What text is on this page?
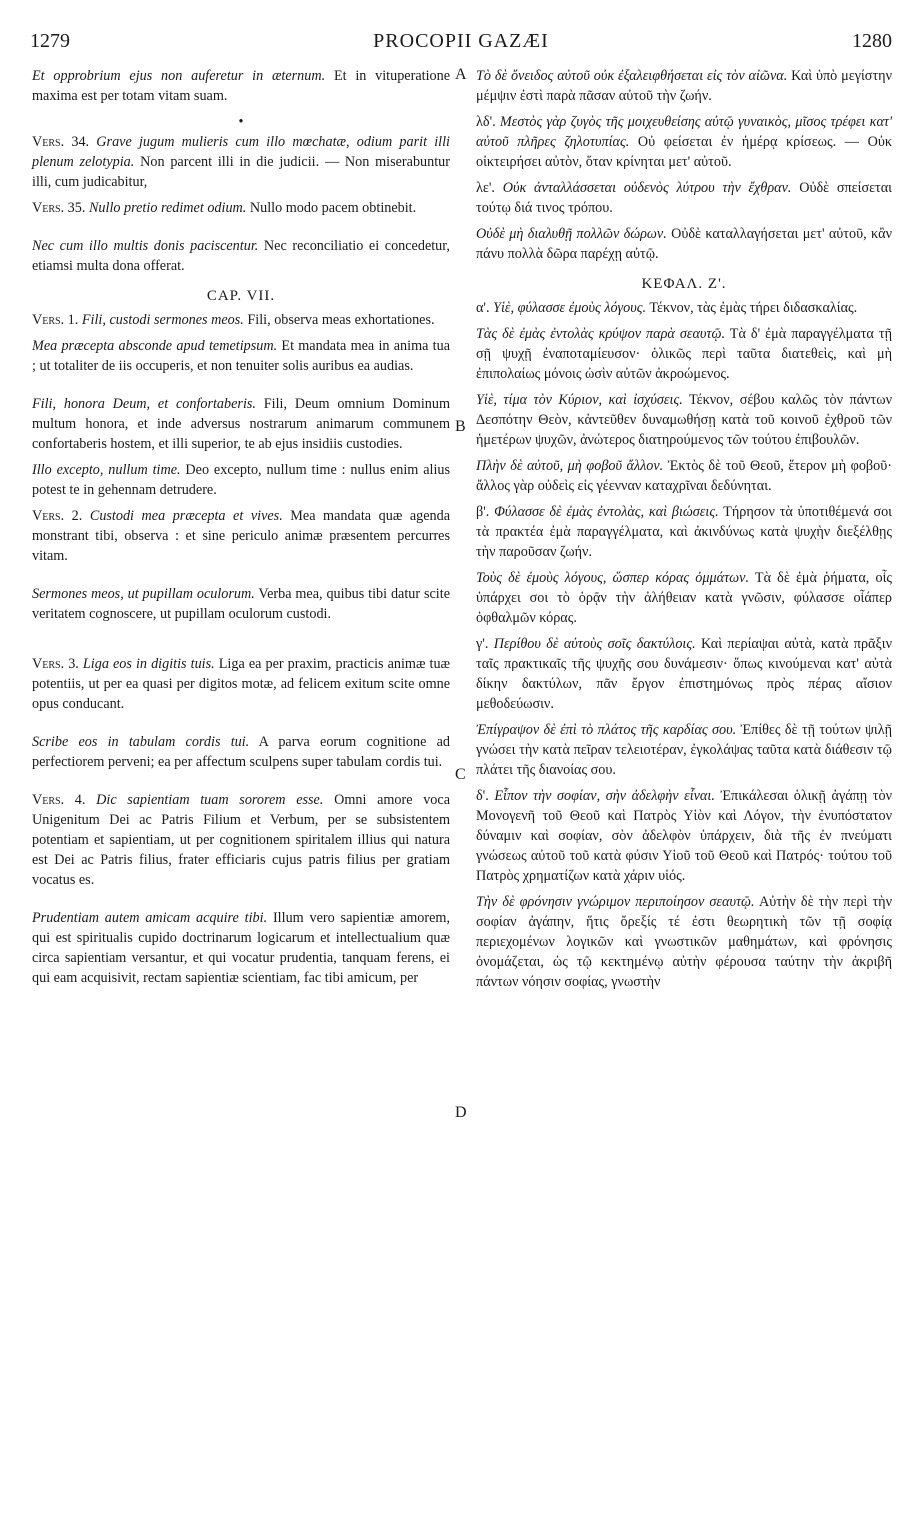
1279	PROCOPII GAZÆI	1280
A
B
C
D

Et opprobrium ejus non auferetur in æternum. Et in vituperatione maxima est per totam vitam suam.

•

Vers. 34. Grave jugum mulieris cum illo mœchatæ, odium parit illi plenum zelotypia. Non parcent illi in die judicii. — Non miserabuntur illi, cum judicabitur,

Vers. 35. Nullo pretio redimet odium. Nullo modo pacem obtinebit.

Nec cum illo multis donis paciscentur. Nec reconciliatio ei concedetur, etiamsi multa dona offerat.

CAP. VII.

Vers. 1. Fili, custodi sermones meos. Fili, observa meas exhortationes.

Mea præcepta absconde apud temetipsum. Et mandata mea in anima tua ; ut totaliter de iis occuperis, et non tenuiter solis auribus ea audias.

Fili, honora Deum, et confortaberis. Fili, Deum omnium Dominum multum honora, et inde adversus nostrarum animarum communem confortaberis hostem, et illi superior, te ab ejus insidiis custodies.

Illo excepto, nullum time. Deo excepto, nullum time : nullus enim alius potest te in gehennam detrudere.

Vers. 2. Custodi mea præcepta et vives. Mea mandata quæ agenda monstrant tibi, observa : et sine periculo animæ præsentem percurres vitam.

Sermones meos, ut pupillam oculorum. Verba mea, quibus tibi datur scite veritatem cognoscere, ut pupillam oculorum custodi.

Vers. 3. Liga eos in digitis tuis. Liga ea per praxim, practicis animæ tuæ potentiis, ut per ea quasi per digitos motæ, ad felicem exitum scite omne opus conducant.

Scribe eos in tabulam cordis tui. A parva eorum cognitione ad perfectiorem perveni; ea per affectum sculpens super tabulam cordis tui.

Vers. 4. Dic sapientiam tuam sororem esse. Omni amore voca Unigenitum Dei ac Patris Filium et Verbum, per se subsistentem potentiam et sapientiam, ut per cognitionem spiritalem illius qui natura est Dei ac Patris filius, frater efficiaris cujus patris filius per gratiam vocatus es.

Prudentiam autem amicam acquire tibi. Illum vero sapientiæ amorem, qui est spiritualis cupido doctrinarum logicarum et intellectualium quæ circa sapientiam versantur, et qui vocatur prudentia, tanquam ferens, ei qui eam acquisivit, rectam sapientiæ scientiam, fac tibi amicum, per

Τὸ δὲ ὄνειδος αὐτοῦ οὐκ ἐξαλειφθήσεται εἰς τὸν αἰῶνα. Καὶ ὑπὸ μεγίστην μέμψιν ἐστὶ παρὰ πᾶσαν αὐτοῦ τὴν ζωήν.

λδ'. Μεστὸς γὰρ ζυγὸς τῆς μοιχευθείσης αὐτῷ γυναικὸς, μῖσος τρέφει κατ' αὐτοῦ πλῆρες ζηλοτυπίας. Οὐ φείσεται ἐν ἡμέρᾳ κρίσεως. — Οὐκ οἰκτειρήσει αὐτὸν, ὅταν κρίνηται μετ' αὐτοῦ.

λε'. Οὐκ ἀνταλλάσσεται οὐδενὸς λύτρου τὴν ἔχθραν. Οὐδὲ σπείσεται τούτῳ διά τινος τρόπου.

Οὐδὲ μὴ διαλυθῇ πολλῶν δώρων. Οὐδὲ καταλλαγήσεται μετ' αὐτοῦ, κἂν πάνυ πολλὰ δῶρα παρέχῃ αὐτῷ.

ΚΕΦΑΛ. Ζ'.

α'. Υἱὲ, φύλασσε ἐμοὺς λόγους. Τέκνον, τὰς ἐμὰς τήρει διδασκαλίας.

Τὰς δὲ ἐμὰς ἐντολὰς κρύψον παρὰ σεαυτῷ. Τὰ δ' ἐμὰ παραγγέλματα τῇ σῇ ψυχῇ ἐναποταμίευσον· ὁλικῶς περὶ ταῦτα διατεθεὶς, καὶ μὴ ἐπιπολαίως μόνοις ὠσὶν αὐτῶν ἀκροώμενος.

Υἱὲ, τίμα τὸν Κύριον, καὶ ἰσχύσεις. Τέκνον, σέβου καλῶς τὸν πάντων Δεσπότην Θεὸν, κἀντεῦθεν δυναμωθήσῃ κατὰ τοῦ κοινοῦ ἐχθροῦ τῶν ἡμετέρων ψυχῶν, ἀνώτερος διατηρούμενος τῶν τούτου ἐπιβουλῶν.

Πλὴν δὲ αὐτοῦ, μὴ φοβοῦ ἄλλον. Ἐκτὸς δὲ τοῦ Θεοῦ, ἕτερον μὴ φοβοῦ· ἄλλος γὰρ οὐδεὶς εἰς γέενναν καταχρῖναι δεδύνηται.

β'. Φύλασσε δὲ ἐμὰς ἐντολὰς, καὶ βιώσεις. Τήρησον τὰ ὑποτιθέμενά σοι τὰ πρακτέα ἐμὰ παραγγέλματα, καὶ ἀκινδύνως κατὰ ψυχὴν διεξέλθῃς τὴν παροῦσαν ζωήν.

Τοὺς δὲ ἐμοὺς λόγους, ὥσπερ κόρας ὀμμάτων. Τὰ δὲ ἐμὰ ῥήματα, οἷς ὑπάρχει σοι τὸ ὁρᾷν τὴν ἀλήθειαν κατὰ γνῶσιν, φύλασσε οἷάπερ ὀφθαλμῶν κόρας.

γ'. Περίθου δὲ αὐτοὺς σοῖς δακτύλοις. Καὶ περίαψαι αὐτὰ, κατὰ πρᾶξιν ταῖς πρακτικαῖς τῆς ψυχῆς σου δυνάμεσιν· ὅπως κινούμεναι κατ' αὐτὰ δίκην δακτύλων, πᾶν ἔργον ἐπιστημόνως πρὸς πέρας αἴσιον μεθοδεύωσιν.

Ἐπίγραψον δὲ ἐπὶ τὸ πλάτος τῆς καρδίας σου. Ἐπίθες δὲ τῇ τούτων ψιλῇ γνώσει τὴν κατὰ πεῖραν τελειοτέραν, ἐγκολάψας ταῦτα κατὰ διάθεσιν τῷ πλάτει τῆς διανοίας σου.

δ'. Εἶπον τὴν σοφίαν, σὴν ἀδελφὴν εἶναι. Ἐπικάλεσαι ὁλικῇ ἀγάπῃ τὸν Μονογενῆ τοῦ Θεοῦ καὶ Πατρὸς Υἱὸν καὶ Λόγον, τὴν ἐνυπόστατον δύναμιν καὶ σοφίαν, σὸν ἀδελφὸν ὑπάρχειν, διὰ τῆς ἐν πνεύματι γνώσεως αὐτοῦ τοῦ κατὰ φύσιν Υἱοῦ τοῦ Θεοῦ καὶ Πατρός· τούτου τοῦ Πατρὸς χρηματίζων κατὰ χάριν υἱός.

Τὴν δὲ φρόνησιν γνώριμον περιποίησον σεαυτῷ. Αὐτὴν δὲ τὴν περὶ τὴν σοφίαν ἀγάπην, ἥτις ὄρεξίς τέ ἐστι θεωρητικὴ τῶν τῇ σοφίᾳ περιεχομένων λογικῶν καὶ γνωστικῶν μαθημάτων, καὶ φρόνησις ὀνομάζεται, ὡς τῷ κεκτημένῳ αὐτὴν φέρουσα ταύτην τὴν ἀκριβῆ πάντων νόησιν σοφίας, γνωστὴν
